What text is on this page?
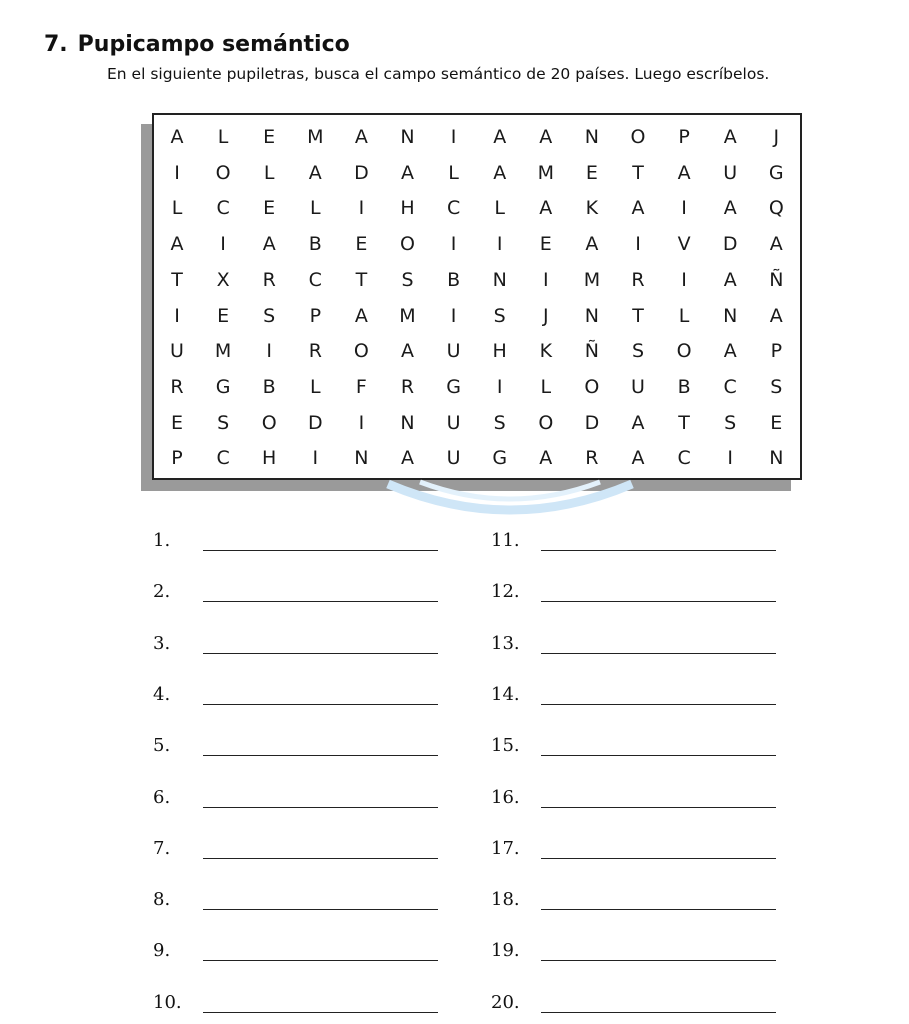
7. Pupicampo semántico
En el siguiente pupiletras, busca el campo semántico de 20 países. Luego escríbelos.
A	L	E	M	A	N	I	A	A	N	O	P	A	J
I	O	L	A	D	A	L	A	M	E	T	A	U	G
L	C	E	L	I	H	C	L	A	K	A	I	A	Q
A	I	A	B	E	O	I	I	E	A	I	V	D	A
T	X	R	C	T	S	B	N	I	M	R	I	A	Ñ
I	E	S	P	A	M	I	S	J	N	T	L	N	A
U	M	I	R	O	A	U	H	K	Ñ	S	O	A	P
R	G	B	L	F	R	G	I	L	O	U	B	C	S
E	S	O	D	I	N	U	S	O	D	A	T	S	E
P	C	H	I	N	A	U	G	A	R	A	C	I	N
1.
2.
3.
4.
5.
6.
7.
8.
9.
10.
11.
12.
13.
14.
15.
16.
17.
18.
19.
20.
